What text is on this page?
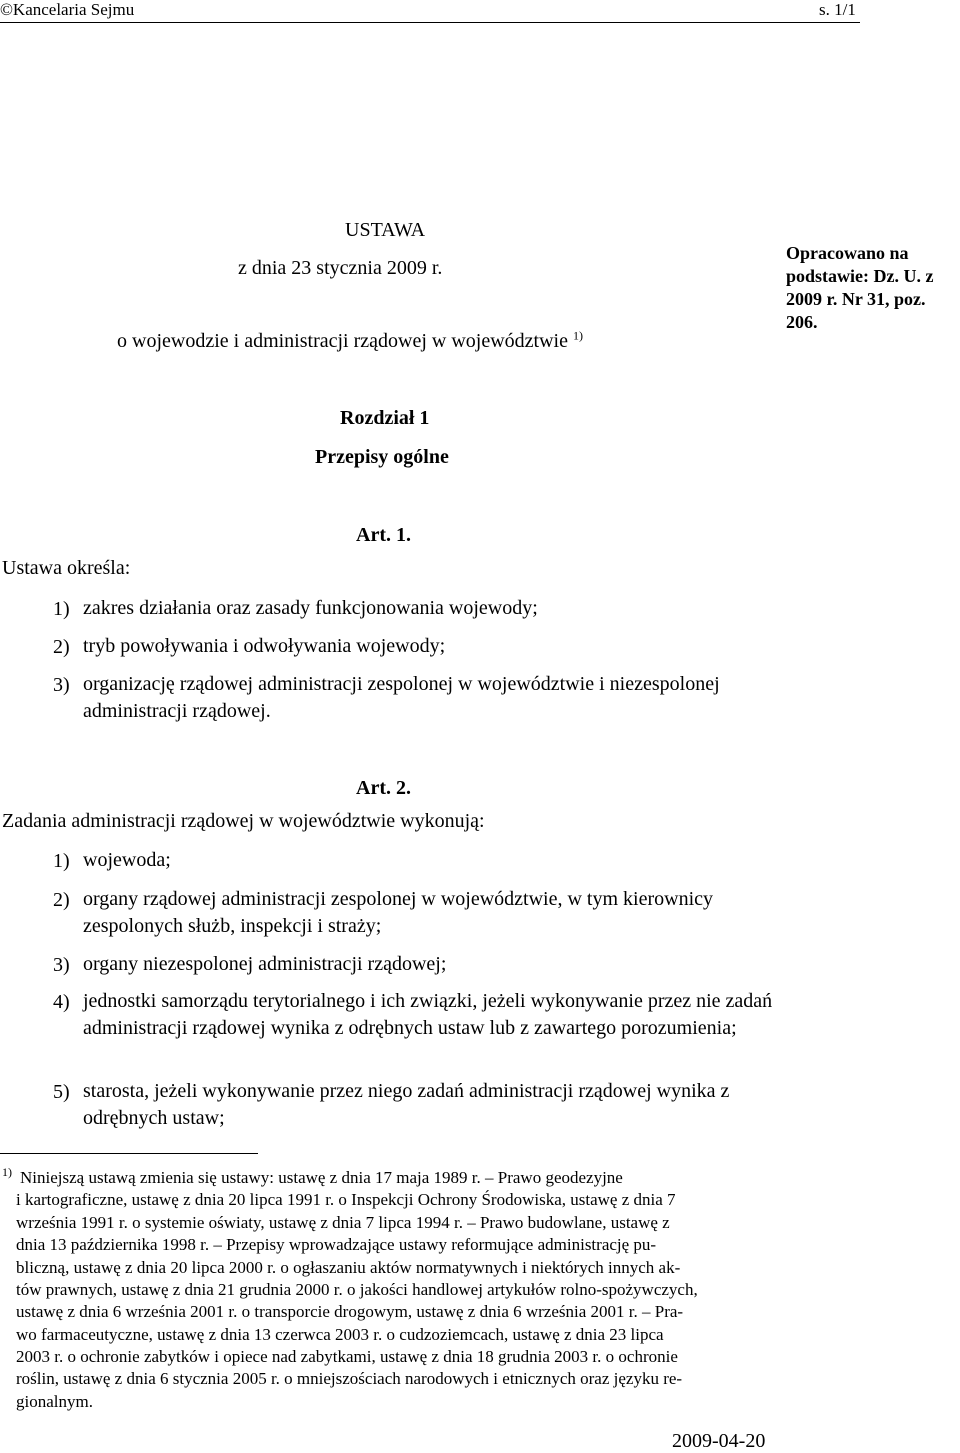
©Kancelaria Sejmu	s. 1/1
USTAWA
z dnia 23 stycznia 2009 r.
o wojewodzie i administracji rządowej w województwie $^{1)}$
Opracowano na podstawie: Dz. U. z 2009 r. Nr 31, poz. 206.
Rozdział 1
Przepisy ogólne
Art. 1.
Ustawa określa:
1) zakres działania oraz zasady funkcjonowania wojewody;
2) tryb powoływania i odwoływania wojewody;
3) organizację rządowej administracji zespolonej w województwie i niezespolonej administracji rządowej.
Art. 2.
Zadania administracji rządowej w województwie wykonują:
1) wojewoda;
2) organy rządowej administracji zespolonej w województwie, w tym kierownicy zespolonych służb, inspekcji i straży;
3) organy niezespolonej administracji rządowej;
4) jednostki samorządu terytorialnego i ich związki, jeżeli wykonywanie przez nie zadań administracji rządowej wynika z odrębnych ustaw lub z zawartego porozumienia;
5) starosta, jeżeli wykonywanie przez niego zadań administracji rządowej wynika z odrębnych ustaw;
1) Niniejszą ustawą zmienia się ustawy: ustawę z dnia 17 maja 1989 r. – Prawo geodezyjne
i kartograficzne, ustawę z dnia 20 lipca 1991 r. o Inspekcji Ochrony Środowiska, ustawę z dnia 7
września 1991 r. o systemie oświaty, ustawę z dnia 7 lipca 1994 r. – Prawo budowlane, ustawę z
dnia 13 października 1998 r. – Przepisy wprowadzające ustawy reformujące administrację pu-
bliczną, ustawę z dnia 20 lipca 2000 r. o ogłaszaniu aktów normatywnych i niektórych innych ak-
tów prawnych, ustawę z dnia 21 grudnia 2000 r. o jakości handlowej artykułów rolno-spożywczych,
ustawę z dnia 6 września 2001 r. o transporcie drogowym, ustawę z dnia 6 września 2001 r. – Pra-
wo farmaceutyczne, ustawę z dnia 13 czerwca 2003 r. o cudzoziemcach, ustawę z dnia 23 lipca
2003 r. o ochronie zabytków i opiece nad zabytkami, ustawę z dnia 18 grudnia 2003 r. o ochronie
roślin, ustawę z dnia 6 stycznia 2005 r. o mniejszościach narodowych i etnicznych oraz języku re-
gionalnym.
2009-04-20
